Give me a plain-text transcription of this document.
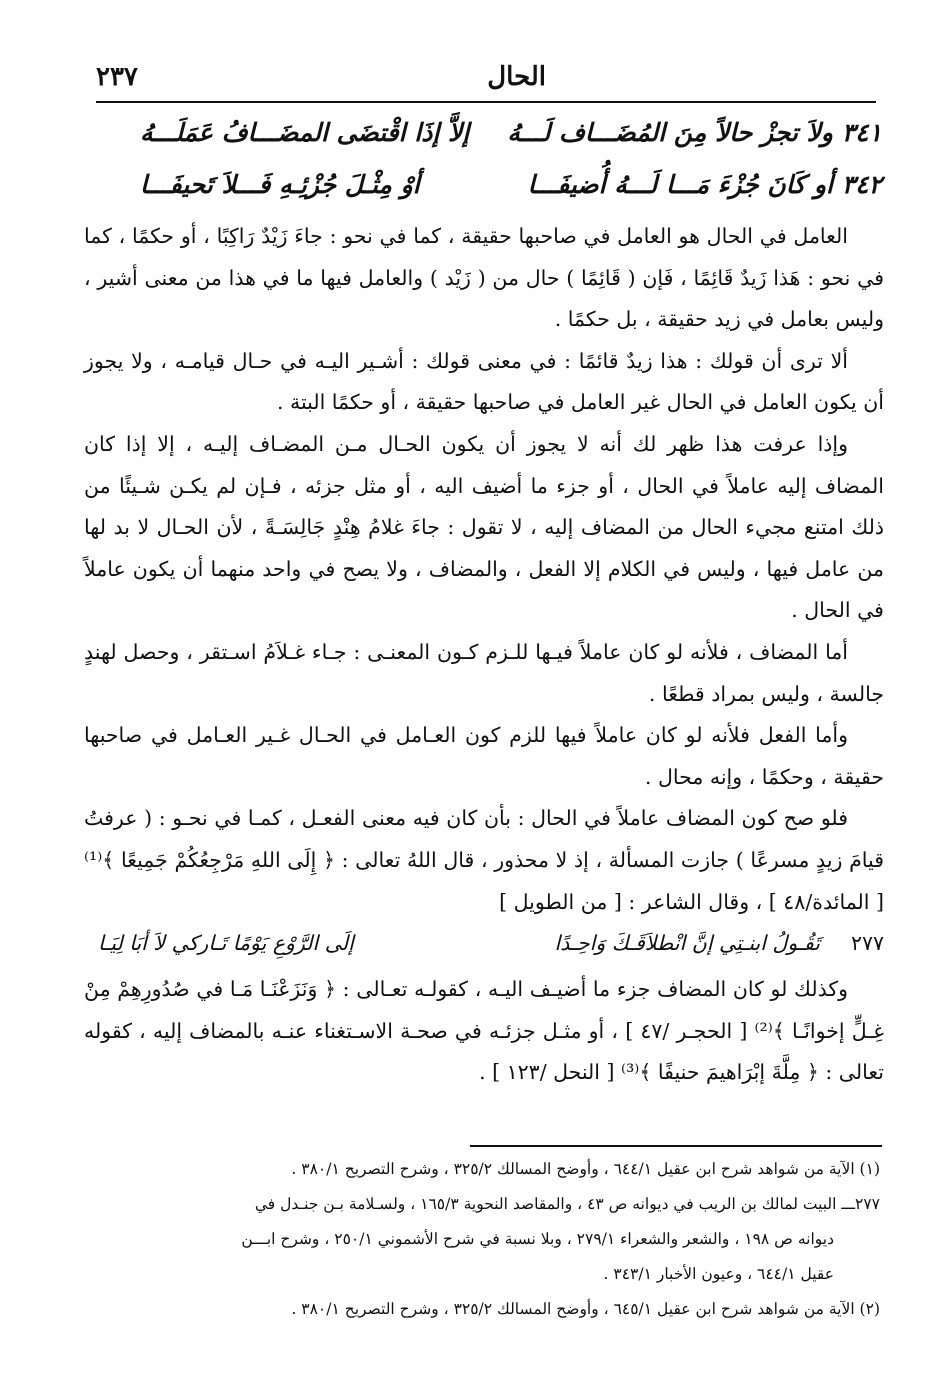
الحال
٢٣٧
٣٤١ ولاَ تجزْ حالاً مِنَ المُضَـــاف لَـــهُ
إلاَّ إذَا اقْتضَى المضَـــافُ عَمَلَـــهُ
٣٤٢ أو كَانَ جُزْءَ مَـــا لَـــهُ أُضيفَـــا
أوْ مِثْـلَ جُزْئِـهِ فَـــلاَ تَحيفَـــا

العامل في الحال هو العامل في صاحبها حقيقة ، كما في نحو : جاءَ زَيْدٌ رَاكِبًا ، أو حكمًا ، كما في نحو : هَذا زَيدٌ قَائِمًا ، فَإن ( قَائِمًا ) حال من ( زَيْد ) والعامل فيها ما في هذا من معنى أشير ، وليس بعامل في زيد حقيقة ، بل حكمًا .

ألا ترى أن قولك : هذا زيدٌ قائمًا : في معنى قولك : أشـير اليـه في حـال قيامـه ، ولا يجوز أن يكون العامل في الحال غير العامل في صاحبها حقيقة ، أو حكمًا البتة .

وإذا عرفت هذا ظهر لك أنه لا يجوز أن يكون الحـال مـن المضـاف إليـه ، إلا إذا كان المضاف إليه عاملاً في الحال ، أو جزء ما أضيف اليه ، أو مثل جزئه ، فـإن لم يكـن شـيئًا من ذلك امتنع مجيء الحال من المضاف إليه ، لا تقول : جاءَ غلامُ هِنْدٍ جَالِسَـةً ، لأن الحـال لا بد لها من عامل فيها ، وليس في الكلام إلا الفعل ، والمضاف ، ولا يصح في واحد منهما أن يكون عاملاً في الحال .

أما المضاف ، فلأنه لو كان عاملاً فيـها للـزم كـون المعنـى : جـاء غـلاَمُ اسـتقر ، وحصل لهندٍ جالسة ، وليس بمراد قطعًا .

وأما الفعل فلأنه لو كان عاملاً فيها للزم كون العـامل في الحـال غـير العـامل في صاحبها حقيقة ، وحكمًا ، وإنه محال .

فلو صح كون المضاف عاملاً في الحال : بأن كان فيه معنى الفعـل ، كمـا في نحـو : ( عرفتُ قيامَ زيدٍ مسرعًا ) جازت المسألة ، إذ لا محذور ، قال اللهُ تعالى : ﴿ إِلَى اللهِ مَرْجِعُكُمْ جَمِيعًا ﴾⁽¹⁾ [ المائدة/٤٨ ] ، وقال الشاعر : [ من الطويل ]

٢٧٧
تَقُـولُ ابنـتِي إنَّ انْطلاَقَـكَ وَاحِـدًا
إلَى الرَّوْعِ يَوْمًا تَـاركي لاَ أبَا لِيَـا

وكذلك لو كان المضاف جزء ما أضيـف اليـه ، كقولـه تعـالى : ﴿ وَنَزَعْنَـا مَـا في صُدُورِهِمْ مِنْ غِـلٍّ إخوانًـا ﴾⁽²⁾ [ الحجـر /٤٧ ] ، أو مثـل جزئـه في صحـة الاسـتغناء عنـه بالمضاف إليه ، كقوله تعالى : ﴿ مِلَّةَ إبْرَاهيمَ حنيفًا ﴾⁽³⁾ [ النحل /١٢٣ ] .

(١) الآية من شواهد شرح ابن عقيل ٦٤٤/١ ، وأوضح المسالك ٣٢٥/٢ ، وشرح التصريح ٣٨٠/١ .

٢٧٧ـــ البيت لمالك بن الريب في ديوانه ص ٤٣ ، والمقاصد النحوية ١٦٥/٣ ، ولسـلامة بـن جنـدل في

ديوانه ص ١٩٨ ، والشعر والشعراء ٢٧٩/١ ، وبلا نسبة في شرح الأشموني ٢٥٠/١ ، وشرح ابـــن

عقيل ٦٤٤/١ ، وعيون الأخبار ٣٤٣/١ .

(٢) الآية من شواهد شرح ابن عقيل ٦٤٥/١ ، وأوضح المسالك ٣٢٥/٢ ، وشرح التصريح ٣٨٠/١ .
